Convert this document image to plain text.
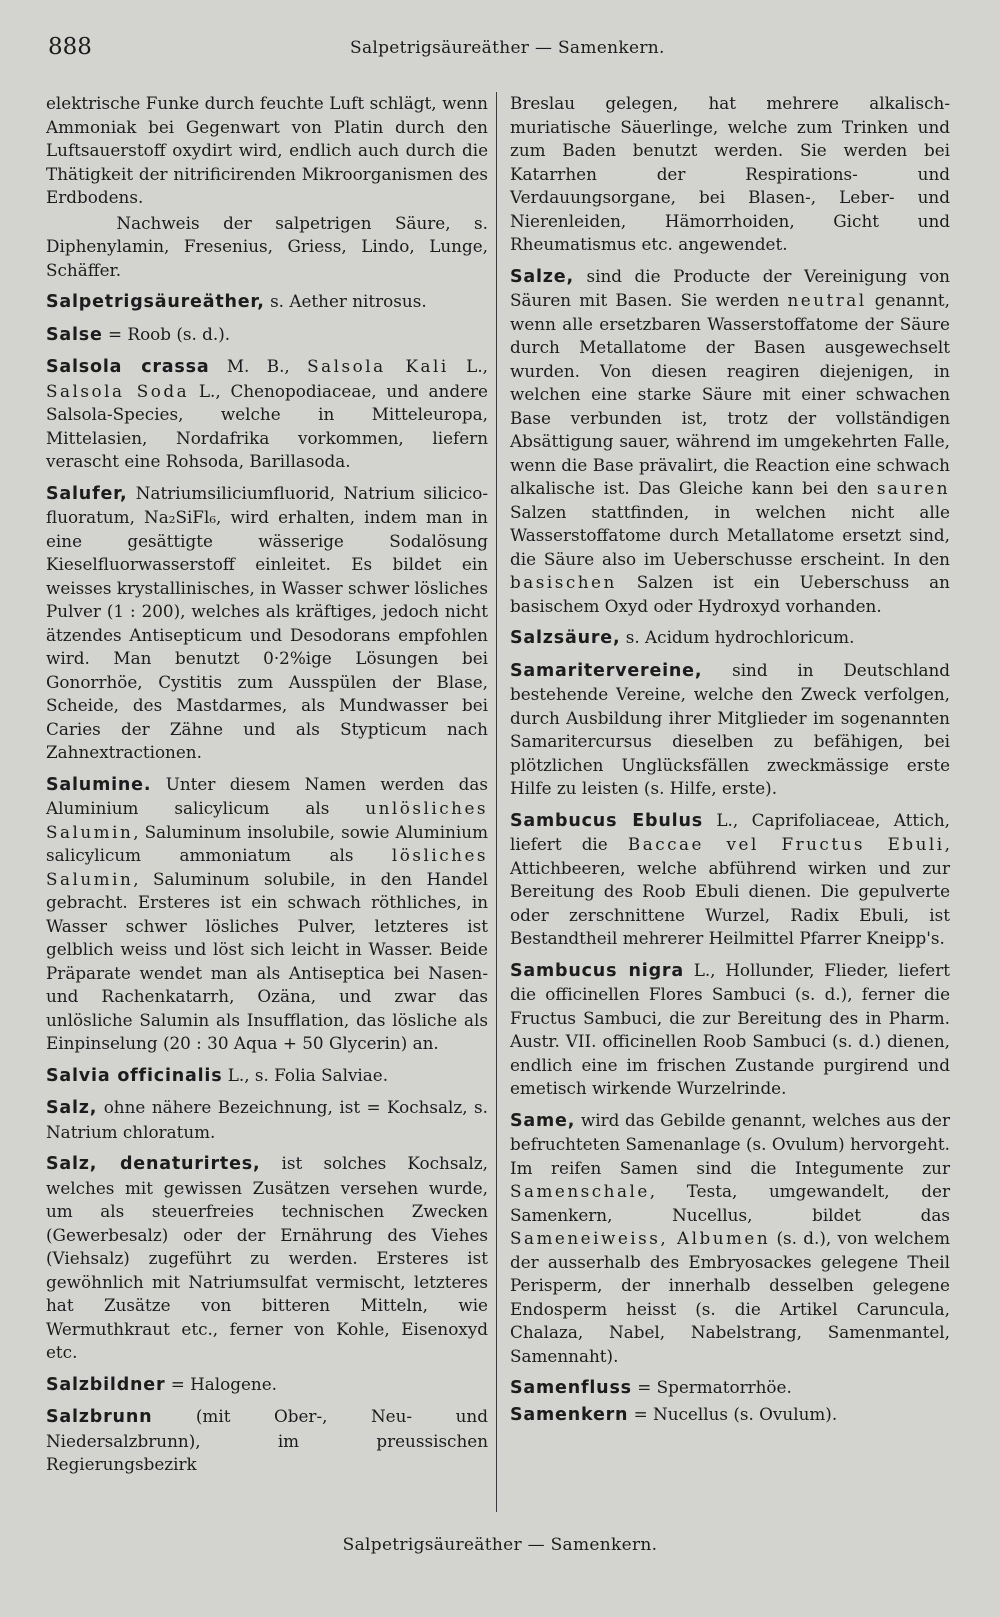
888	Salpetrigsäureäther — Samenkern.

elektrische Funke durch feuchte Luft schlägt, wenn Ammoniak bei Gegenwart von Platin durch den Luftsauerstoff oxydirt wird, endlich auch durch die Thätigkeit der nitrificirenden Mikroorganismen des Erdbodens.

Nachweis der salpetrigen Säure, s. Diphenylamin, Fresenius, Griess, Lindo, Lunge, Schäffer.

Salpetrigsäureäther, s. Aether nitrosus.

Salse = Roob (s. d.).

Salsola crassa M. B., Salsola Kali L., Salsola Soda L., Chenopodiaceae, und andere Salsola-Species, welche in Mitteleuropa, Mittelasien, Nordafrika vorkommen, liefern verascht eine Rohsoda, Barillasoda.

Salufer, Natriumsiliciumfluorid, Natrium silicico-fluoratum, Na₂SiFl₆, wird erhalten, indem man in eine gesättigte wässerige Sodalösung Kieselfluorwasserstoff einleitet. Es bildet ein weisses krystallinisches, in Wasser schwer lösliches Pulver (1 : 200), welches als kräftiges, jedoch nicht ätzendes Antisepticum und Desodorans empfohlen wird. Man benutzt 0·2%ige Lösungen bei Gonorrhöe, Cystitis zum Ausspülen der Blase, Scheide, des Mastdarmes, als Mundwasser bei Caries der Zähne und als Stypticum nach Zahnextractionen.

Salumine. Unter diesem Namen werden das Aluminium salicylicum als unlösliches Salumin, Saluminum insolubile, sowie Aluminium salicylicum ammoniatum als lösliches Salumin, Saluminum solubile, in den Handel gebracht. Ersteres ist ein schwach röthliches, in Wasser schwer lösliches Pulver, letzteres ist gelblich weiss und löst sich leicht in Wasser. Beide Präparate wendet man als Antiseptica bei Nasen- und Rachenkatarrh, Ozäna, und zwar das unlösliche Salumin als Insufflation, das lösliche als Einpinselung (20 : 30 Aqua + 50 Glycerin) an.

Salvia officinalis L., s. Folia Salviae.

Salz, ohne nähere Bezeichnung, ist = Kochsalz, s. Natrium chloratum.

Salz, denaturirtes, ist solches Kochsalz, welches mit gewissen Zusätzen versehen wurde, um als steuerfreies technischen Zwecken (Gewerbesalz) oder der Ernährung des Viehes (Viehsalz) zugeführt zu werden. Ersteres ist gewöhnlich mit Natriumsulfat vermischt, letzteres hat Zusätze von bitteren Mitteln, wie Wermuthkraut etc., ferner von Kohle, Eisenoxyd etc.

Salzbildner = Halogene.

Salzbrunn (mit Ober-, Neu- und Niedersalzbrunn), im preussischen Regierungsbezirk

Breslau gelegen, hat mehrere alkalisch-muriatische Säuerlinge, welche zum Trinken und zum Baden benutzt werden. Sie werden bei Katarrhen der Respirations- und Verdauungsorgane, bei Blasen-, Leber- und Nierenleiden, Hämorrhoiden, Gicht und Rheumatismus etc. angewendet.

Salze, sind die Producte der Vereinigung von Säuren mit Basen. Sie werden neutral genannt, wenn alle ersetzbaren Wasserstoffatome der Säure durch Metallatome der Basen ausgewechselt wurden. Von diesen reagiren diejenigen, in welchen eine starke Säure mit einer schwachen Base verbunden ist, trotz der vollständigen Absättigung sauer, während im umgekehrten Falle, wenn die Base prävalirt, die Reaction eine schwach alkalische ist. Das Gleiche kann bei den sauren Salzen stattfinden, in welchen nicht alle Wasserstoffatome durch Metallatome ersetzt sind, die Säure also im Ueberschusse erscheint. In den basischen Salzen ist ein Ueberschuss an basischem Oxyd oder Hydroxyd vorhanden.

Salzsäure, s. Acidum hydrochloricum.

Samaritervereine, sind in Deutschland bestehende Vereine, welche den Zweck verfolgen, durch Ausbildung ihrer Mitglieder im sogenannten Samaritercursus dieselben zu befähigen, bei plötzlichen Unglücksfällen zweckmässige erste Hilfe zu leisten (s. Hilfe, erste).

Sambucus Ebulus L., Caprifoliaceae, Attich, liefert die Baccae vel Fructus Ebuli, Attichbeeren, welche abführend wirken und zur Bereitung des Roob Ebuli dienen. Die gepulverte oder zerschnittene Wurzel, Radix Ebuli, ist Bestandtheil mehrerer Heilmittel Pfarrer Kneipp's.

Sambucus nigra L., Hollunder, Flieder, liefert die officinellen Flores Sambuci (s. d.), ferner die Fructus Sambuci, die zur Bereitung des in Pharm. Austr. VII. officinellen Roob Sambuci (s. d.) dienen, endlich eine im frischen Zustande purgirend und emetisch wirkende Wurzelrinde.

Same, wird das Gebilde genannt, welches aus der befruchteten Samenanlage (s. Ovulum) hervorgeht. Im reifen Samen sind die Integumente zur Samenschale, Testa, umgewandelt, der Samenkern, Nucellus, bildet das Sameneiweiss, Albumen (s. d.), von welchem der ausserhalb des Embryosackes gelegene Theil Perisperm, der innerhalb desselben gelegene Endosperm heisst (s. die Artikel Caruncula, Chalaza, Nabel, Nabelstrang, Samenmantel, Samennaht).

Samenfluss = Spermatorrhöe.

Samenkern = Nucellus (s. Ovulum).

Salpetrigsäureäther — Samenkern.
